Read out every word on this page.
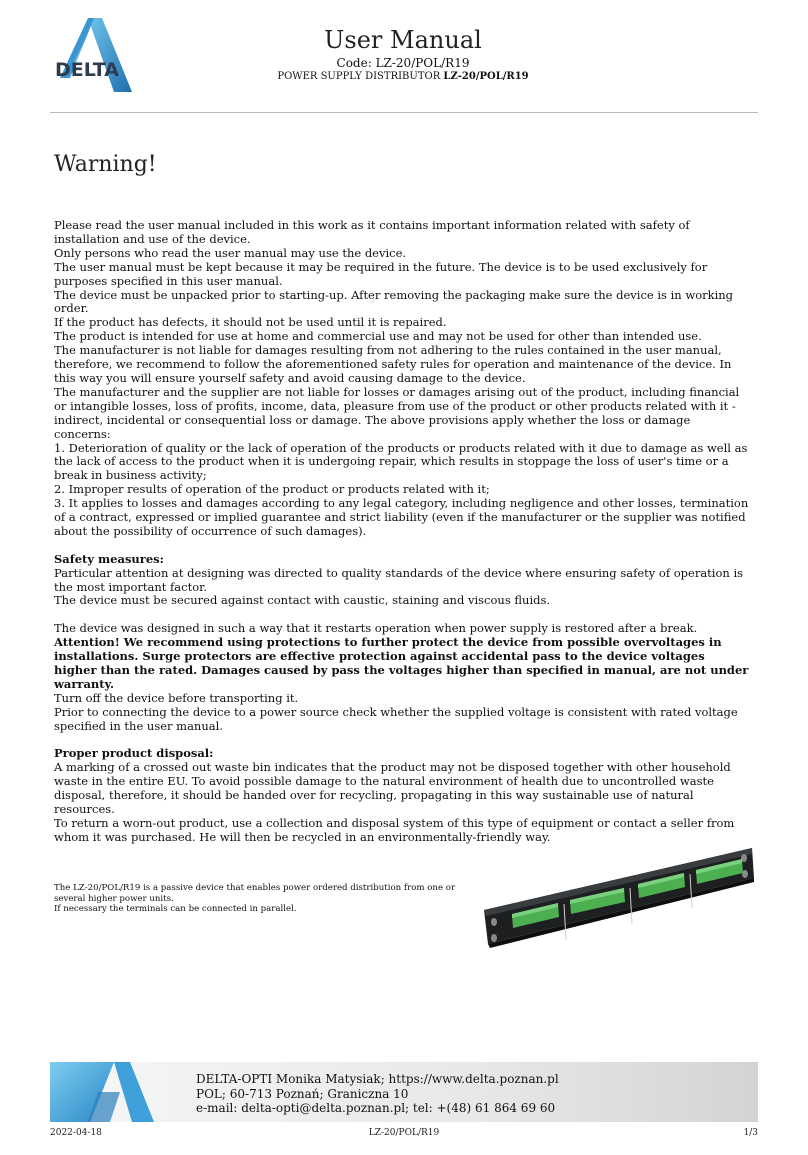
DELTA
User Manual
Code: LZ-20/POL/R19
POWER SUPPLY DISTRIBUTOR LZ-20/POL/R19
Warning!

Please read the user manual included in this work as it contains important information related with safety of installation and use of the device.

Only persons who read the user manual may use the device.

The user manual must be kept because it may be required in the future. The device is to be used exclusively for purposes specified in this user manual.

The device must be unpacked prior to starting-up. After removing the packaging make sure the device is in working order.

If the product has defects, it should not be used until it is repaired.

The product is intended for use at home and commercial use and may not be used for other than intended use.

The manufacturer is not liable for damages resulting from not adhering to the rules contained in the user manual, therefore, we recommend to follow the aforementioned safety rules for operation and maintenance of the device. In this way you will ensure yourself safety and avoid causing damage to the device.

The manufacturer and the supplier are not liable for losses or damages arising out of the product, including financial or intangible losses, loss of profits, income, data, pleasure from use of the product or other products related with it - indirect, incidental or consequential loss or damage. The above provisions apply whether the loss or damage concerns:

1. Deterioration of quality or the lack of operation of the products or products related with it due to damage as well as the lack of access to the product when it is undergoing repair, which results in stoppage the loss of user's time or a break in business activity;

2. Improper results of operation of the product or products related with it;

3. It applies to losses and damages according to any legal category, including negligence and other losses, termination of a contract, expressed or implied guarantee and strict liability (even if the manufacturer or the supplier was notified about the possibility of occurrence of such damages).

Safety measures:

Particular attention at designing was directed to quality standards of the device where ensuring safety of operation is the most important factor.

The device must be secured against contact with caustic, staining and viscous fluids.

The device was designed in such a way that it restarts operation when power supply is restored after a break.

Attention! We recommend using protections to further protect the device from possible overvoltages in installations. Surge protectors are effective protection against accidental pass to the device voltages higher than the rated. Damages caused by pass the voltages higher than specified in manual, are not under warranty.

Turn off the device before transporting it.

Prior to connecting the device to a power source check whether the supplied voltage is consistent with rated voltage specified in the user manual.

Proper product disposal:

A marking of a crossed out waste bin indicates that the product may not be disposed together with other household waste in the entire EU. To avoid possible damage to the natural environment of health due to uncontrolled waste disposal, therefore, it should be handed over for recycling, propagating in this way sustainable use of natural resources.

To return a worn-out product, use a collection and disposal system of this type of equipment or contact a seller from whom it was purchased. He will then be recycled in an environmentally-friendly way.

The LZ-20/POL/R19 is a passive device that enables power ordered distribution from one or several higher power units.

If necessary the terminals can be connected in parallel.

DELTA-OPTI Monika Matysiak; https://www.delta.poznan.pl

POL; 60-713 Poznań; Graniczna 10

e-mail: delta-opti@delta.poznan.pl; tel: +(48) 61 864 69 60

2022-04-18	LZ-20/POL/R19	1/3
